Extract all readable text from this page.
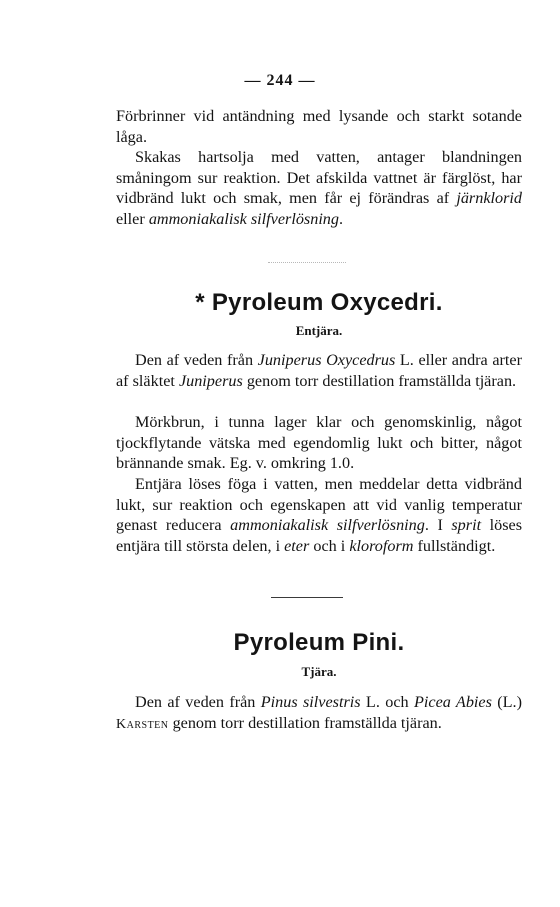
— 244 —

Förbrinner vid antändning med lysande och starkt sotande låga.

Skakas hartsolja med vatten, antager blandningen småningom sur reaktion. Det afskilda vattnet är färglöst, har vidbränd lukt och smak, men får ej förändras af järnklorid eller ammoniakalisk silfverlösning.

* Pyroleum Oxycedri.
Entjära.

Den af veden från Juniperus Oxycedrus L. eller andra arter af släktet Juniperus genom torr destillation framställda tjäran.

Mörkbrun, i tunna lager klar och genomskinlig, något tjockflytande vätska med egendomlig lukt och bitter, något brännande smak. Eg. v. omkring 1.0.

Entjära löses föga i vatten, men meddelar detta vidbränd lukt, sur reaktion och egenskapen att vid vanlig temperatur genast reducera ammoniakalisk silfverlösning. I sprit löses entjära till största delen, i eter och i kloroform fullständigt.

Pyroleum Pini.
Tjära.

Den af veden från Pinus silvestris L. och Picea Abies (L.) Karsten genom torr destillation framställda tjäran.
